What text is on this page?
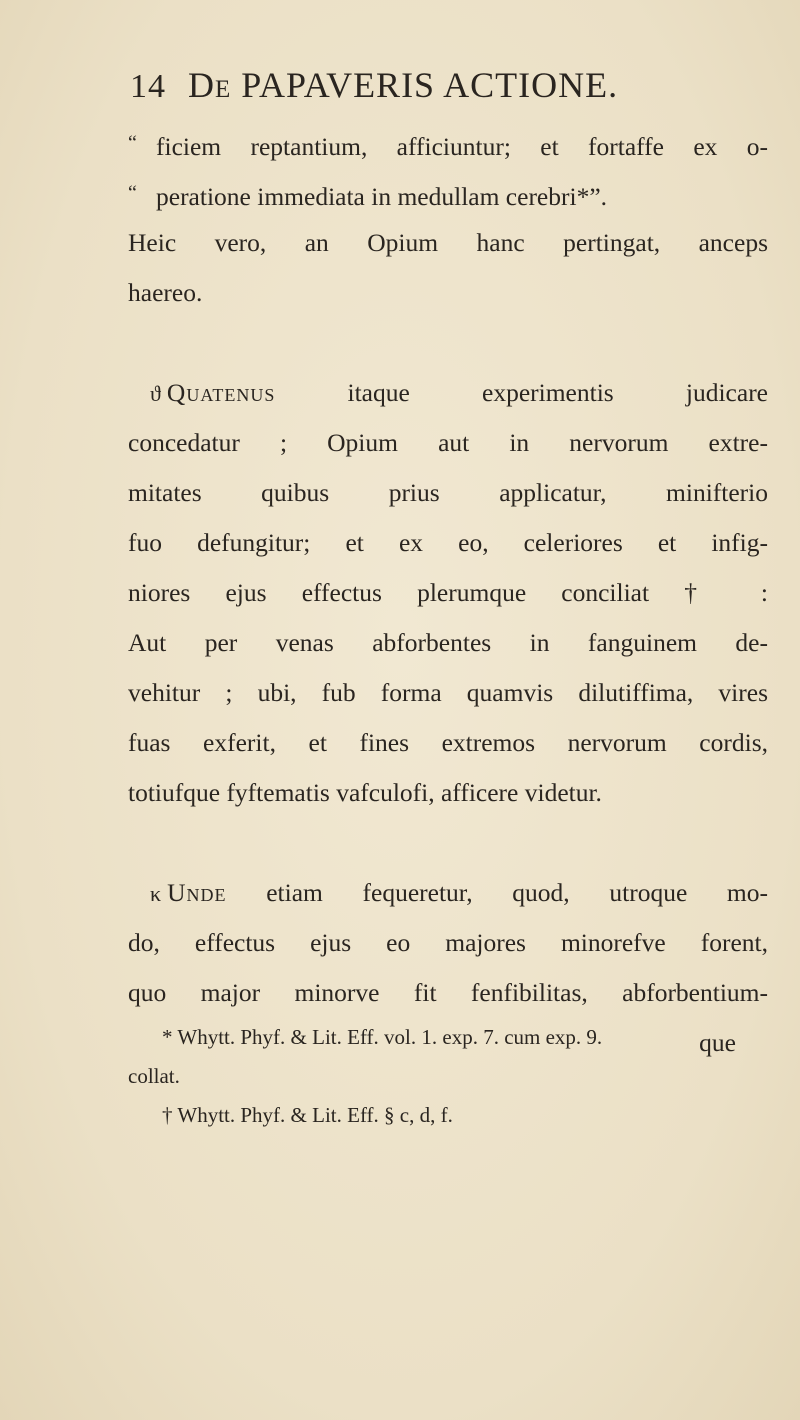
14 De PAPAVERIS ACTIONE.
“ ficiem reptantium, afficiuntur; et fortaffe ex o-
“ peratione immediata in medullam cerebri*”.
Heic vero, an Opium hanc pertingat, anceps
haereo.
ϑ Quatenus	itaque experimentis judicare
concedatur ; Opium aut in nervorum extre-
mitates quibus prius applicatur, minifterio
fuo defungitur; et ex eo, celeriores et infig-
niores ejus effectus plerumque conciliat † :
Aut per venas abforbentes in fanguinem de-
vehitur ; ubi, fub forma quamvis dilutiffima, vires
fuas exferit, et fines extremos nervorum cordis,
totiufque fyftematis vafculofi, afficere videtur.
κ Unde etiam fequeretur, quod, utroque mo-
do, effectus ejus eo majores minorefve forent,
quo major minorve fit fenfibilitas, abforbentium-
que
* Whytt. Phyf. & Lit. Eff. vol. 1. exp. 7. cum exp. 9.
collat.
† Whytt. Phyf. & Lit. Eff. § c, d, f.
